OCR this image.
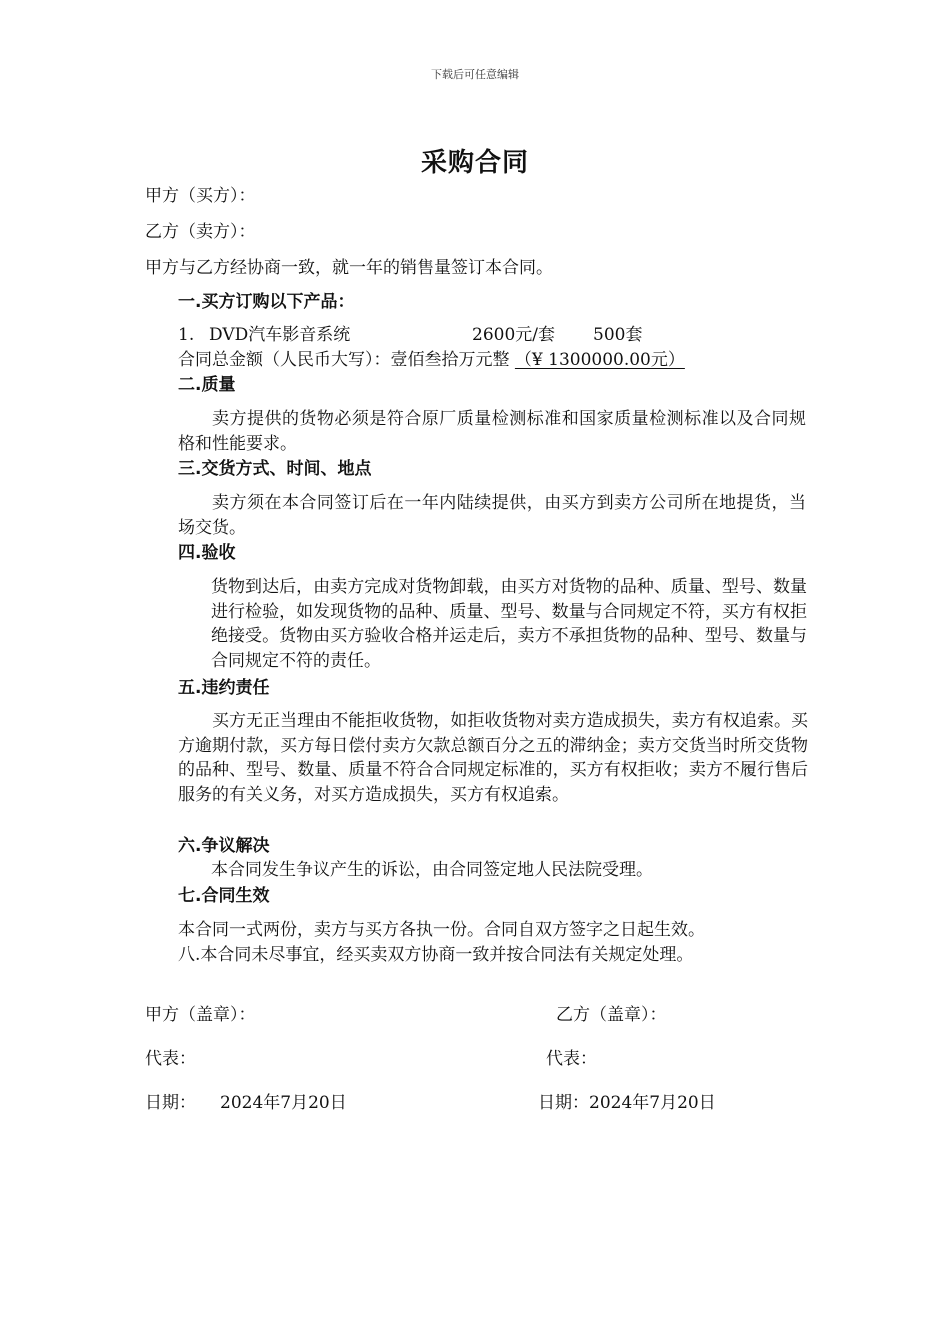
下载后可任意编辑
采购合同
甲方（买方）：
乙方（卖方）：
甲方与乙方经协商一致，就一年的销售量签订本合同。
一.买方订购以下产品：
1. DVD汽车影音系统	2600元/套 500套
合同总金额（人民币大写）：壹佰叁拾万元整 （¥ 1300000.00元）
二.质量
卖方提供的货物必须是符合原厂质量检测标准和国家质量检测标准以及合同规格和性能要求。
三.交货方式、时间、地点
卖方须在本合同签订后在一年内陆续提供，由买方到卖方公司所在地提货，当场交货。
四.验收
货物到达后，由卖方完成对货物卸载，由买方对货物的品种、质量、型号、数量进行检验，如发现货物的品种、质量、型号、数量与合同规定不符，买方有权拒绝接受。货物由买方验收合格并运走后，卖方不承担货物的品种、型号、数量与合同规定不符的责任。
五.违约责任
买方无正当理由不能拒收货物，如拒收货物对卖方造成损失，卖方有权追索。买方逾期付款，买方每日偿付卖方欠款总额百分之五的滞纳金；卖方交货当时所交货物的品种、型号、数量、质量不符合合同规定标准的，买方有权拒收；卖方不履行售后服务的有关义务，对买方造成损失，买方有权追索。
六.争议解决
本合同发生争议产生的诉讼，由合同签定地人民法院受理。
七.合同生效
本合同一式两份，卖方与买方各执一份。合同自双方签字之日起生效。
八.本合同未尽事宜，经买卖双方协商一致并按合同法有关规定处理。
甲方（盖章）：	乙方（盖章）：
代表：	代表：
日期： 2024年7月20日	日期：2024年7月20日
